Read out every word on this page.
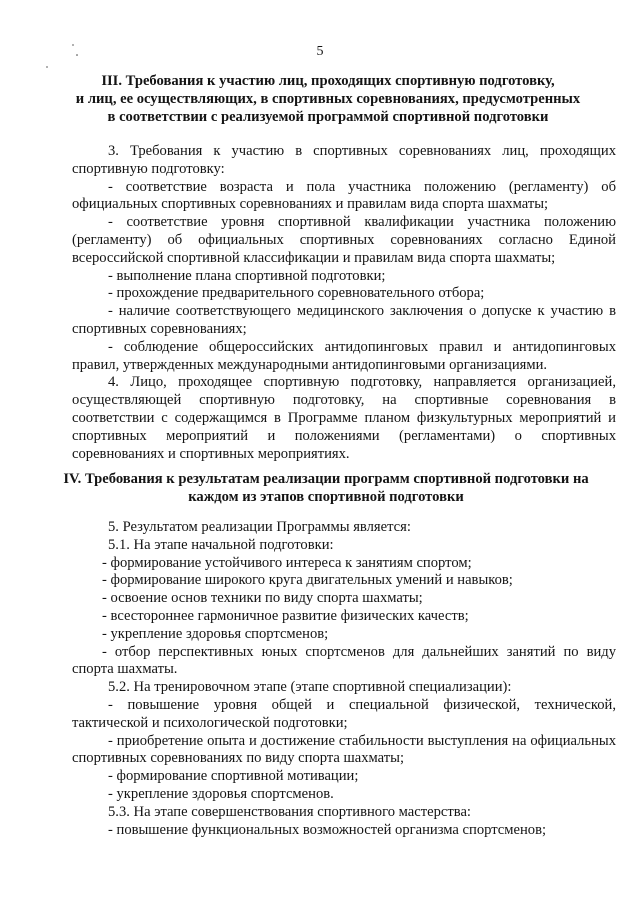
5
III. Требования к участию лиц, проходящих спортивную подготовку,
и лиц, ее осуществляющих, в спортивных соревнованиях, предусмотренных
в соответствии с реализуемой программой спортивной подготовки

3. Требования к участию в спортивных соревнованиях лиц, проходящих спортивную подготовку:

- соответствие возраста и пола участника положению (регламенту) об официальных спортивных соревнованиях и правилам вида спорта шахматы;

- соответствие уровня спортивной квалификации участника положению (регламенту) об официальных спортивных соревнованиях согласно Единой всероссийской спортивной классификации и правилам вида спорта шахматы;

- выполнение плана спортивной подготовки;

- прохождение предварительного соревновательного отбора;

- наличие соответствующего медицинского заключения о допуске к участию в спортивных соревнованиях;

- соблюдение общероссийских антидопинговых правил и антидопинговых правил, утвержденных международными антидопинговыми организациями.

4. Лицо, проходящее спортивную подготовку, направляется организацией, осуществляющей спортивную подготовку, на спортивные соревнования в соответствии с содержащимся в Программе планом физкультурных мероприятий и спортивных мероприятий и положениями (регламентами) о спортивных соревнованиях и спортивных мероприятиях.

IV. Требования к результатам реализации программ спортивной подготовки на
каждом из этапов спортивной подготовки

5. Результатом реализации Программы является:

5.1. На этапе начальной подготовки:

- формирование устойчивого интереса к занятиям спортом;

- формирование широкого круга двигательных умений и навыков;

- освоение основ техники по виду спорта шахматы;

- всестороннее гармоничное развитие физических качеств;

- укрепление здоровья спортсменов;

- отбор перспективных юных спортсменов для дальнейших занятий по виду спорта шахматы.

5.2. На тренировочном этапе (этапе спортивной специализации):

- повышение уровня общей и специальной физической, технической, тактической и психологической подготовки;

- приобретение опыта и достижение стабильности выступления на официальных спортивных соревнованиях по виду спорта шахматы;

- формирование спортивной мотивации;

- укрепление здоровья спортсменов.

5.3. На этапе совершенствования спортивного мастерства:

- повышение функциональных возможностей организма спортсменов;
